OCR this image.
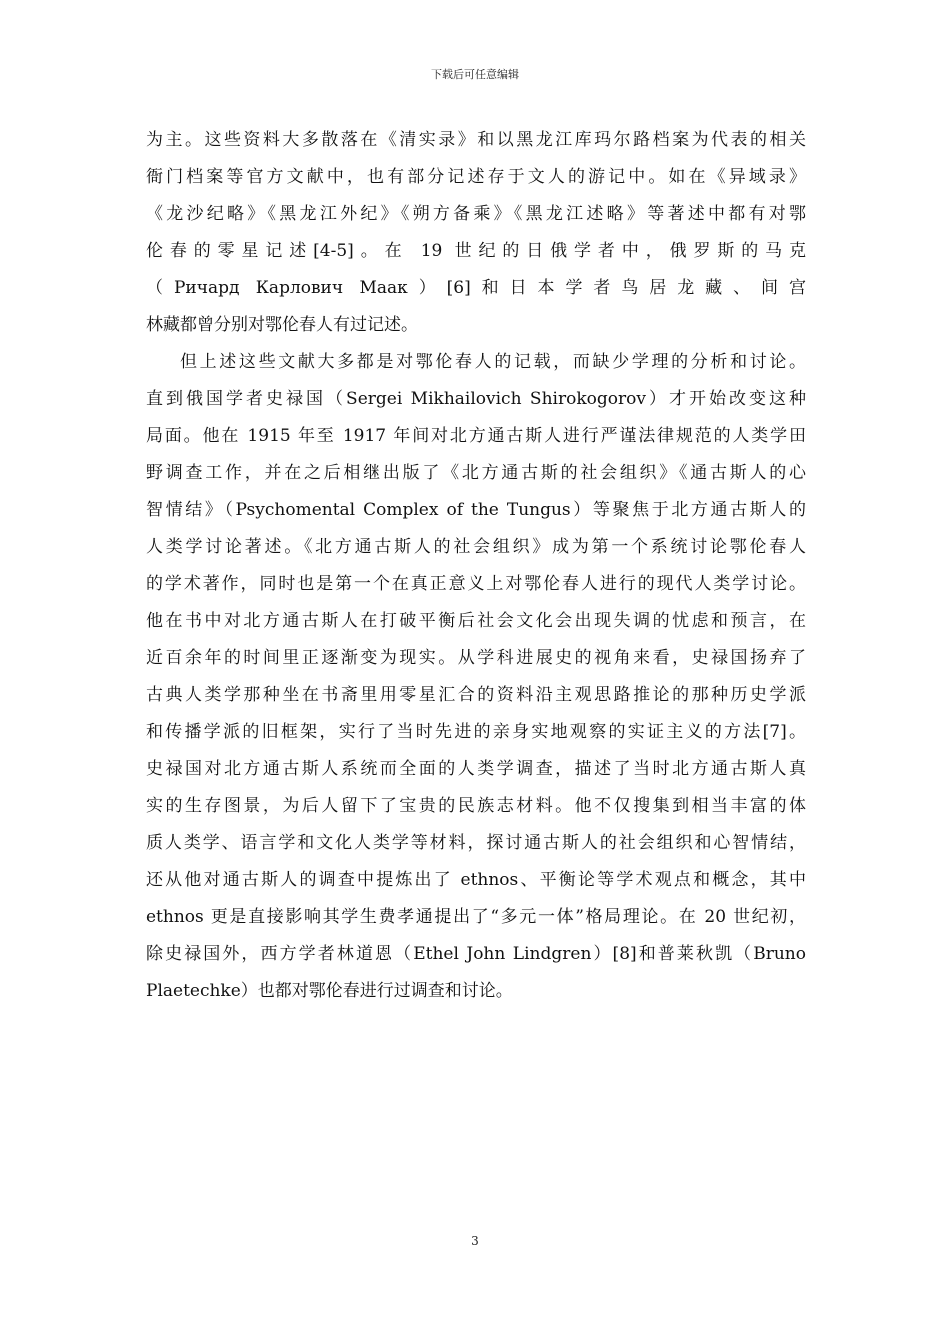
下载后可任意编辑
为主。这些资料大多散落在《清实录》和以黑龙江库玛尔路档案为代表的相关
衙门档案等官方文献中，也有部分记述存于文人的游记中。如在《异域录》
《龙沙纪略》《黑龙江外纪》《朔方备乘》《黑龙江述略》等著述中都有对鄂
伦春的零星记述[4-5]。在 19 世纪的日俄学者中，俄罗斯的马克
（Ричард Карлович Маак）[6]和日本学者鸟居龙藏、间宫
林藏都曾分别对鄂伦春人有过记述。
但上述这些文献大多都是对鄂伦春人的记载，而缺少学理的分析和讨论。
直到俄国学者史禄国（Sergei Mikhailovich Shirokogorov）才开始改变这种
局面。他在 1915 年至 1917 年间对北方通古斯人进行严谨法律规范的人类学田
野调查工作，并在之后相继出版了《北方通古斯的社会组织》《通古斯人的心
智情结》（Psychomental Complex of the Tungus）等聚焦于北方通古斯人的
人类学讨论著述。《北方通古斯人的社会组织》成为第一个系统讨论鄂伦春人
的学术著作，同时也是第一个在真正意义上对鄂伦春人进行的现代人类学讨论。
他在书中对北方通古斯人在打破平衡后社会文化会出现失调的忧虑和预言，在
近百余年的时间里正逐渐变为现实。从学科进展史的视角来看，史禄国扬弃了
古典人类学那种坐在书斋里用零星汇合的资料沿主观思路推论的那种历史学派
和传播学派的旧框架，实行了当时先进的亲身实地观察的实证主义的方法[7]。
史禄国对北方通古斯人系统而全面的人类学调查，描述了当时北方通古斯人真
实的生存图景，为后人留下了宝贵的民族志材料。他不仅搜集到相当丰富的体
质人类学、语言学和文化人类学等材料，探讨通古斯人的社会组织和心智情结，
还从他对通古斯人的调查中提炼出了 ethnos、平衡论等学术观点和概念，其中
ethnos 更是直接影响其学生费孝通提出了“多元一体”格局理论。在 20 世纪初，
除史禄国外，西方学者林道恩（Ethel John Lindgren）[8]和普莱秋凯（Bruno
Plaetechke）也都对鄂伦春进行过调查和讨论。
3
